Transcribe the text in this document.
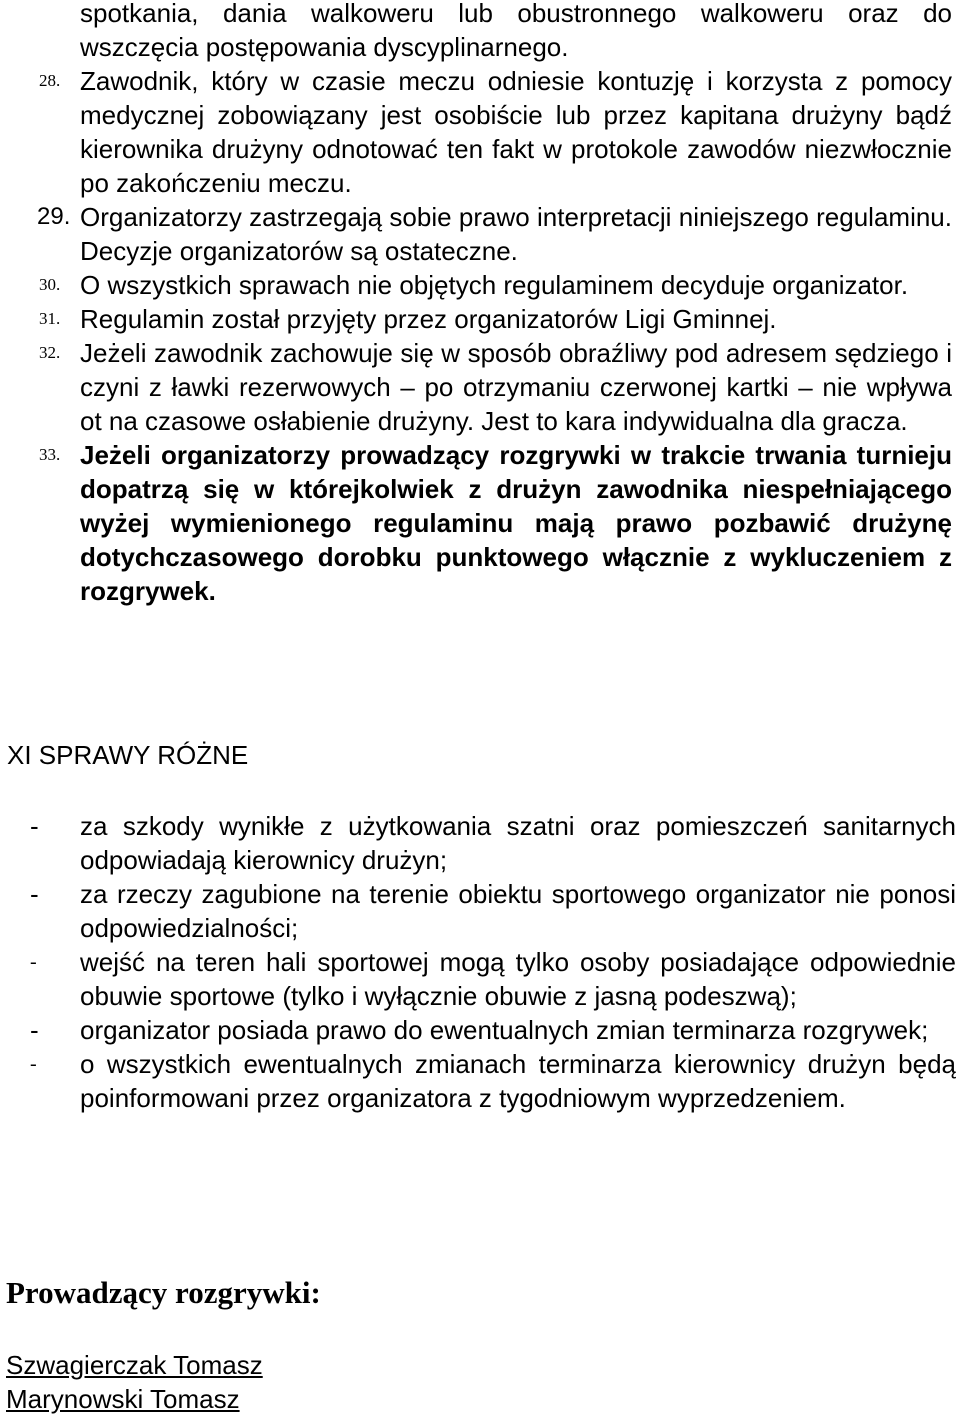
spotkania, dania walkowеru lub obustronnego walkoweru oraz do wszczęcia postępowania dyscyplinarnego.
28. Zawodnik, który w czasie meczu odniesie kontuzję i korzysta z pomocy medycznej zobowiązany jest osobiście lub przez kapitana drużyny bądź kierownika drużyny odnotować ten fakt w protokole zawodów niezwłocznie po zakończeniu meczu.
29. Organizatorzy zastrzegają sobie prawo interpretacji niniejszego regulaminu. Decyzje organizatorów są ostateczne.
30. O wszystkich sprawach nie objętych regulaminem decyduje organizator.
31. Regulamin został przyjęty przez organizatorów Ligi Gminnej.
32. Jeżeli zawodnik zachowuje się w sposób obraźliwy pod adresem sędziego i czyni z ławki rezerwowych – po otrzymaniu czerwonej kartki – nie wpływa ot na czasowe osłabienie drużyny. Jest to kara indywidualna dla gracza.
33. Jeżeli organizatorzy prowadzący rozgrywki w trakcie trwania turnieju dopatrzą się w którejkolwiek z drużyn zawodnika niespełniającego wyżej wymienionego regulaminu mają prawo pozbawić drużynę dotychczasowego dorobku punktowego włącznie z wykluczeniem z rozgrywek.
XI SPRAWY RÓŻNE
- za szkody wynikłe z użytkowania szatni oraz pomieszczeń sanitarnych odpowiadają kierownicy drużyn;
- za rzeczy zagubione na terenie obiektu sportowego organizator nie ponosi odpowiedzialności;
- wejść na teren hali sportowej mogą tylko osoby posiadające odpowiednie obuwie sportowe (tylko i wyłącznie obuwie z jasną podeszwą);
- organizator posiada prawo do ewentualnych zmian terminarza rozgrywek;
- o wszystkich ewentualnych zmianach terminarza kierownicy drużyn będą poinformowani przez organizatora z tygodniowym wyprzedzeniem.
Prowadzący rozgrywki:
Szwagierczak Tomasz
Marynowski Tomasz
